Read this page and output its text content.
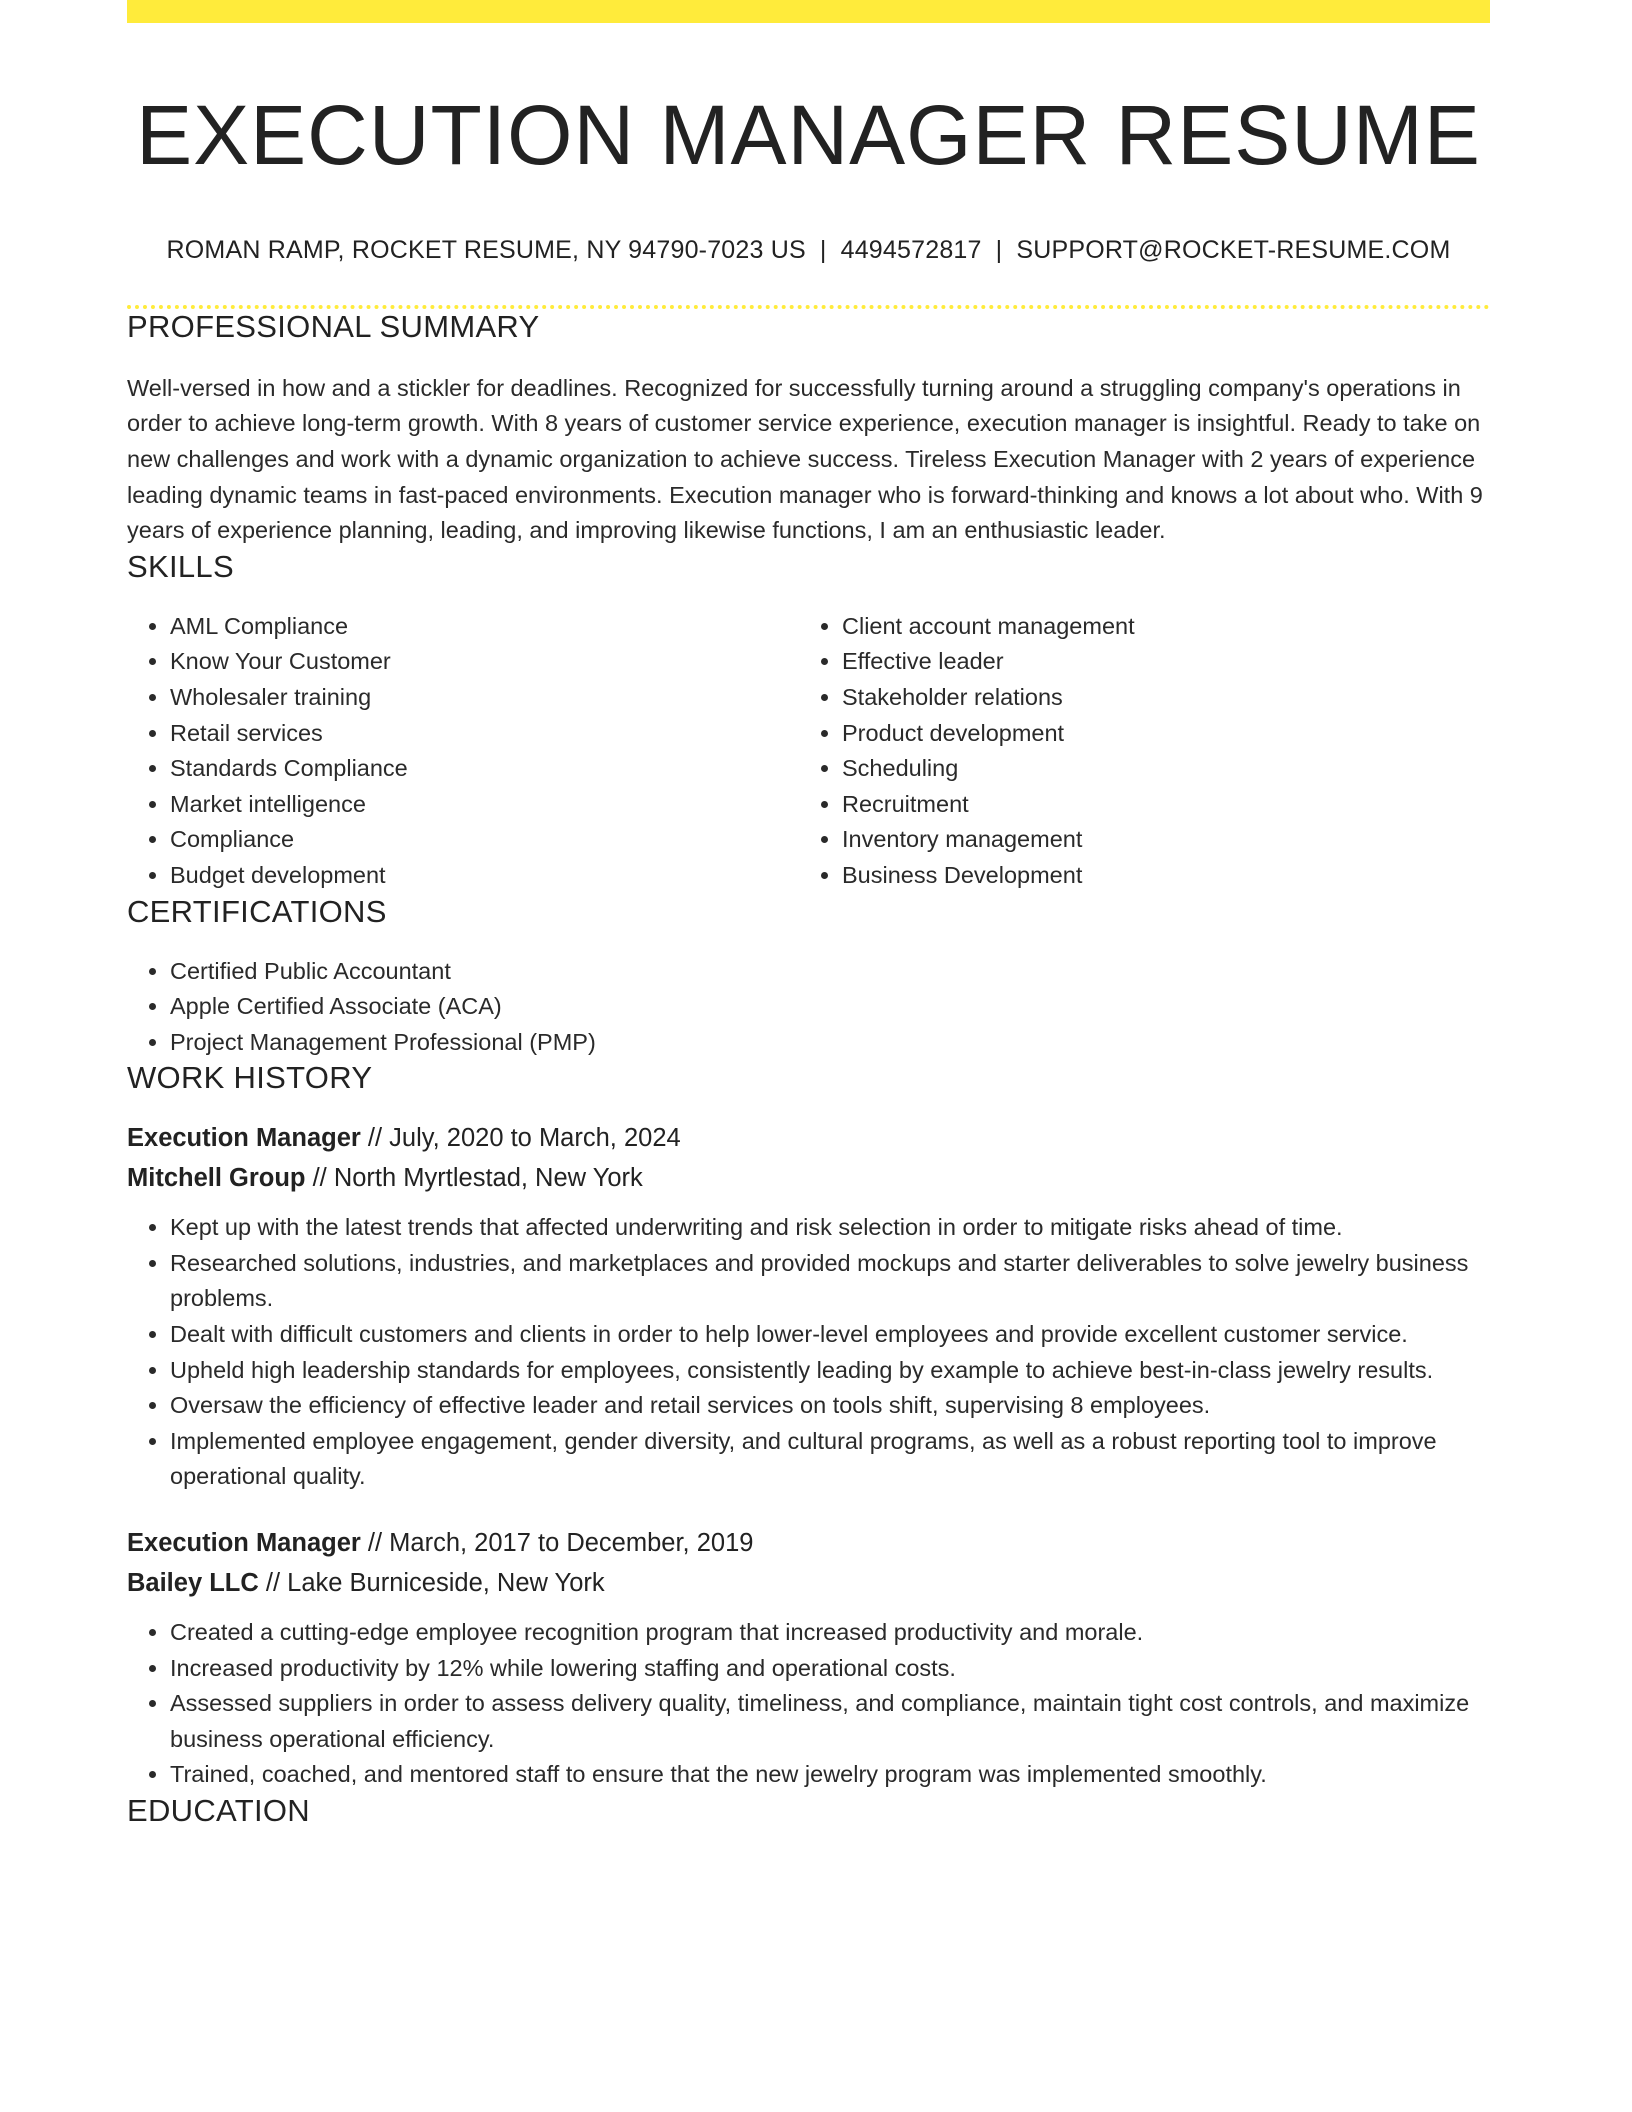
EXECUTION MANAGER RESUME
ROMAN RAMP, ROCKET RESUME, NY 94790-7023 US | 4494572817 | SUPPORT@ROCKET-RESUME.COM
PROFESSIONAL SUMMARY

Well-versed in how and a stickler for deadlines. Recognized for successfully turning around a struggling company's operations in order to achieve long-term growth. With 8 years of customer service experience, execution manager is insightful. Ready to take on new challenges and work with a dynamic organization to achieve success. Tireless Execution Manager with 2 years of experience leading dynamic teams in fast-paced environments. Execution manager who is forward-thinking and knows a lot about who. With 9 years of experience planning, leading, and improving likewise functions, I am an enthusiastic leader.

SKILLS
• AML Compliance
• Know Your Customer
• Wholesaler training
• Retail services
• Standards Compliance
• Market intelligence
• Compliance
• Budget development
• Client account management
• Effective leader
• Stakeholder relations
• Product development
• Scheduling
• Recruitment
• Inventory management
• Business Development
CERTIFICATIONS
• Certified Public Accountant
• Apple Certified Associate (ACA)
• Project Management Professional (PMP)
WORK HISTORY
Execution Manager // July, 2020 to March, 2024
Mitchell Group // North Myrtlestad, New York
• Kept up with the latest trends that affected underwriting and risk selection in order to mitigate risks ahead of time.
• Researched solutions, industries, and marketplaces and provided mockups and starter deliverables to solve jewelry business problems.
• Dealt with difficult customers and clients in order to help lower-level employees and provide excellent customer service.
• Upheld high leadership standards for employees, consistently leading by example to achieve best-in-class jewelry results.
• Oversaw the efficiency of effective leader and retail services on tools shift, supervising 8 employees.
• Implemented employee engagement, gender diversity, and cultural programs, as well as a robust reporting tool to improve operational quality.
Execution Manager // March, 2017 to December, 2019
Bailey LLC // Lake Burniceside, New York
• Created a cutting-edge employee recognition program that increased productivity and morale.
• Increased productivity by 12% while lowering staffing and operational costs.
• Assessed suppliers in order to assess delivery quality, timeliness, and compliance, maintain tight cost controls, and maximize business operational efficiency.
• Trained, coached, and mentored staff to ensure that the new jewelry program was implemented smoothly.
EDUCATION
